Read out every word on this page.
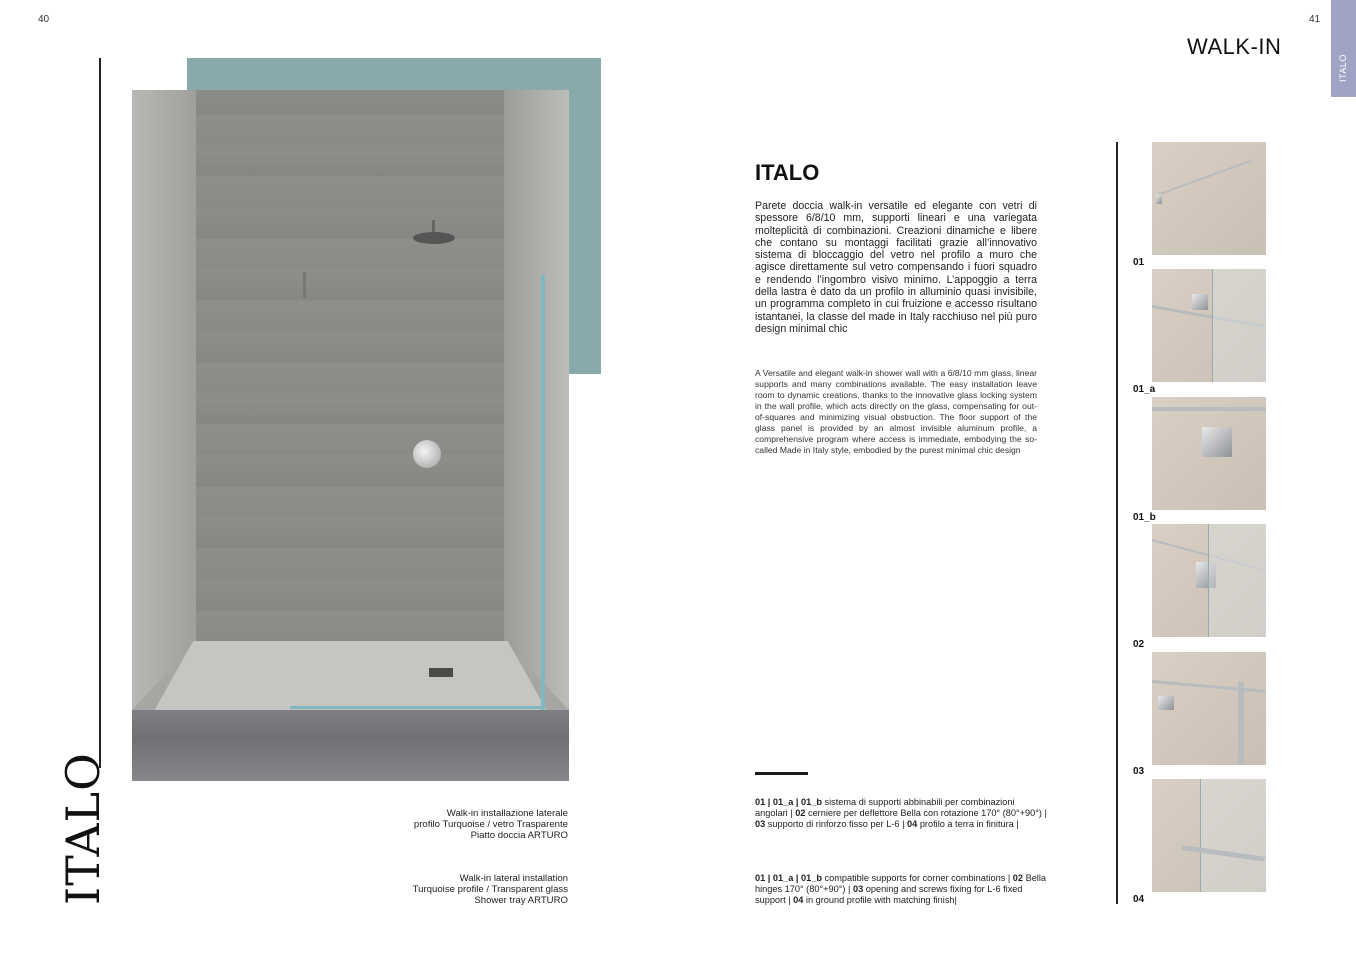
40	41
ITALO	Walk-in installazione laterale
profilo Turquoise / vetro Trasparente
Piatto doccia ARTURO
Walk-in lateral installation
Turquoise profile / Transparent glass
Shower tray ARTURO
WALK-IN
ITALO
ITALO
Parete doccia walk-in versatile ed elegante con vetri di spessore 6/8/10 mm, supporti lineari e una variegata molteplicità di combinazioni. Creazioni dinamiche e libere che contano su montaggi facilitati grazie all’innovativo sistema di bloccaggio del vetro nel profilo a muro che agisce direttamente sul vetro compensando i fuori squadro e rendendo l’ingombro visivo minimo. L’appoggio a terra della lastra è dato da un profilo in alluminio quasi invisibile, un programma completo in cui fruizione e accesso risultano istantanei, la classe del made in Italy racchiuso nel più puro design minimal chic
A Versatile and elegant walk-in shower wall with a 6/8/10 mm glass, linear supports and many combinations available. The easy installation leave room to dynamic creations, thanks to the innovative glass locking system in the wall profile, which acts directly on the glass, compensating for out-of-squares and minimizing visual obstruction. The floor support of the glass panel is provided by an almost invisible aluminum profile, a comprehensive program where access is immediate, embodying the so-called Made in Italy style, embodied by the purest minimal chic design
01 | 01_a | 01_b sistema di supporti abbinabili per combinazioni angolari | 02 cerniere per deflettore Bella con rotazione 170° (80°+90°) | 03 supporto di rinforzo fisso per L-6 | 04 profilo a terra in finitura |
01 | 01_a | 01_b compatible supports for corner combinations | 02 Bella hinges 170° (80°+90°) | 03 opening and screws fixing for L-6 fixed support | 04 in ground profile with matching finish|
01
01_a
01_b
02
03
04
